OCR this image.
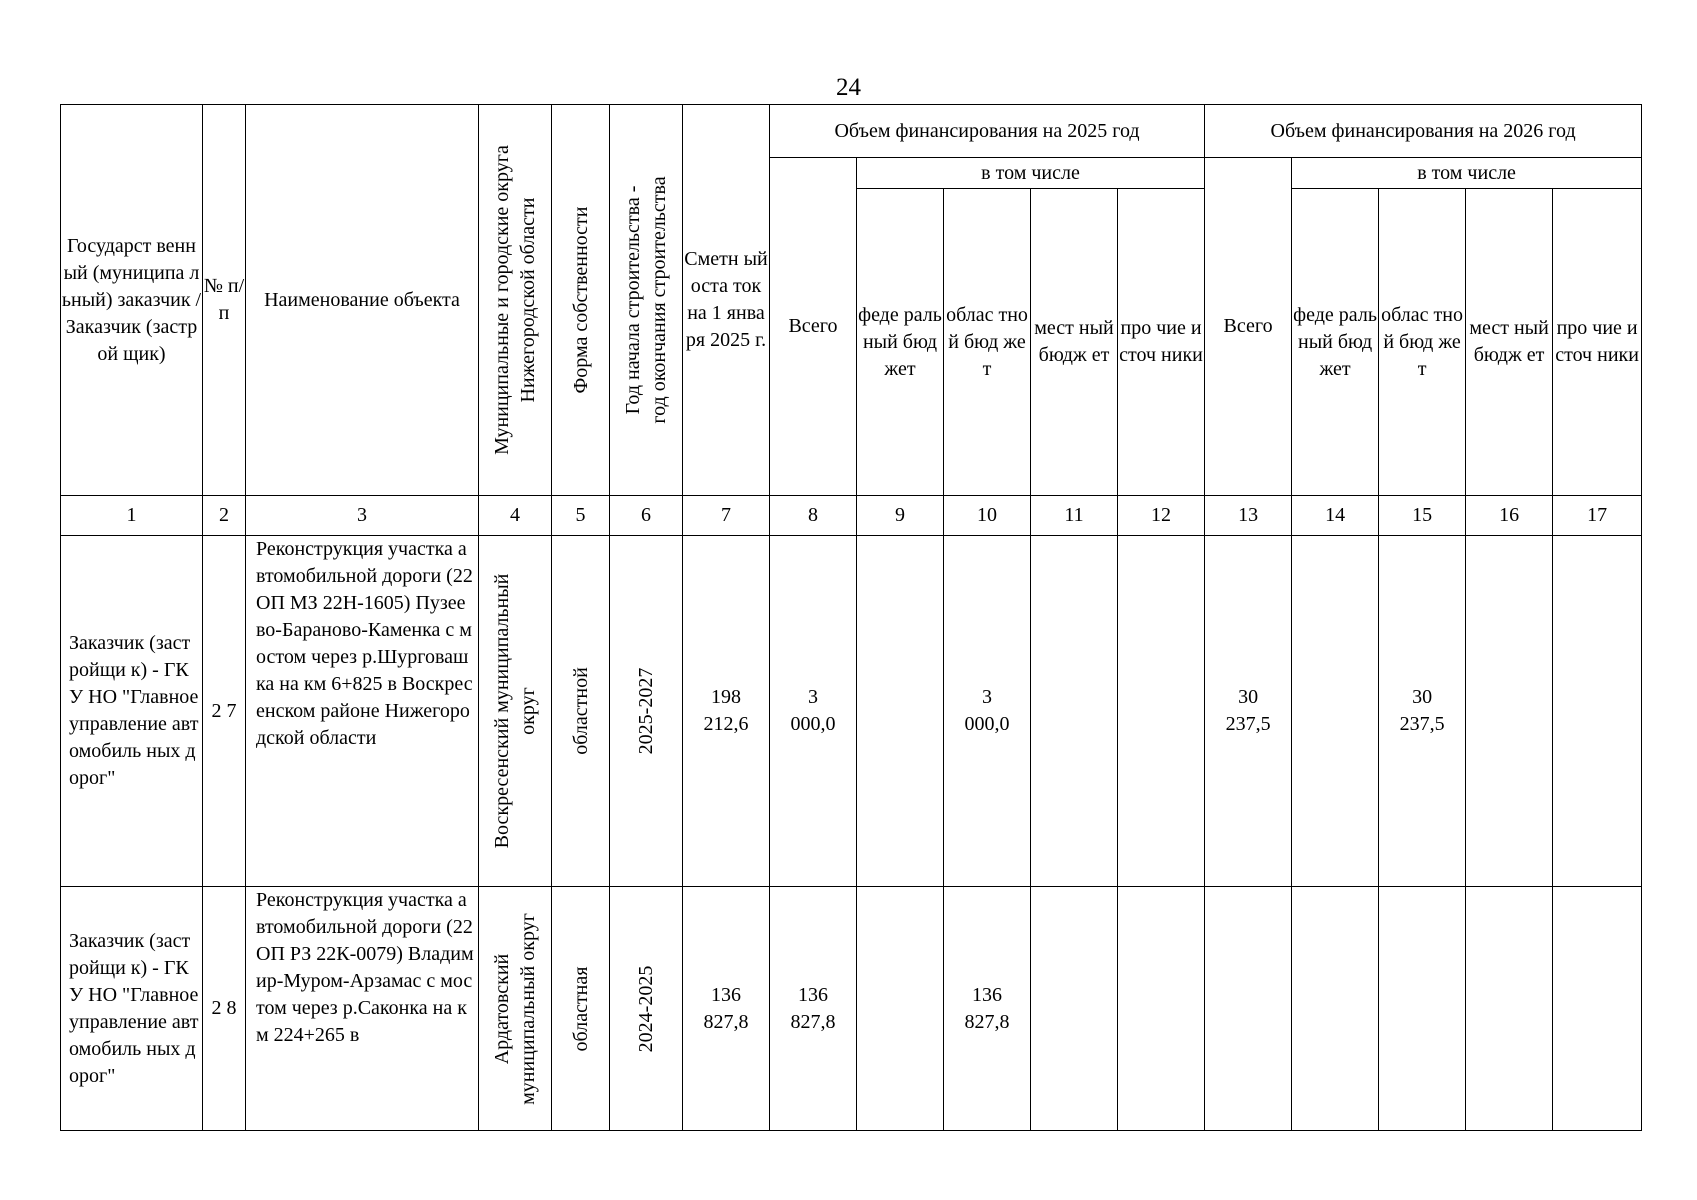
24
Государст венный (муниципа льный) заказчик / Заказчик (застрой щик)	№ п/п	Наименование объекта	Муниципальные и городские округа Нижегородской области	Форма собственности	Год начала строительства - год окончания строительства	Сметн ый оста ток на 1 янва ря 2025 г.	Объем финансирования на 2025 год					Объем финансирования на 2026 год				
							Всего	в том числе				Всего	в том числе			
								феде раль ный бюд жет	облас тной бюд жет	мест ный бюдж ет	про чие источ ники		феде раль ный бюд жет	облас тной бюд жет	мест ный бюдж ет	про чие источ ники
1	2	3	4	5	6	7	8	9	10	11	12	13	14	15	16	17
Заказчик (застройщи к) - ГКУ НО "Главное управление автомобиль ных дорог"	2 7	Реконструкция участка автомобильной дороги (22 ОП МЗ 22Н-1605) Пузеево-Бараново-Каменка с мостом через р.Шурговашка на км 6+825 в Воскресенском районе Нижегородской области	Воскресенский муниципальный округ	областной	2025-2027	198
212,6	3
000,0		3
000,0			30
237,5		30
237,5		

Заказчик (застройщи к) - ГКУ НО "Главное управление автомобиль ных дорог"	2 8	Реконструкция участка автомобильной дороги (22 ОП РЗ 22К-0079) Владимир-Муром-Арзамас с мостом через р.Саконка на км 224+265 в	Ардатовский муниципальный округ	областная	2024-2025	136
827,8	136
827,8		136
827,8							
